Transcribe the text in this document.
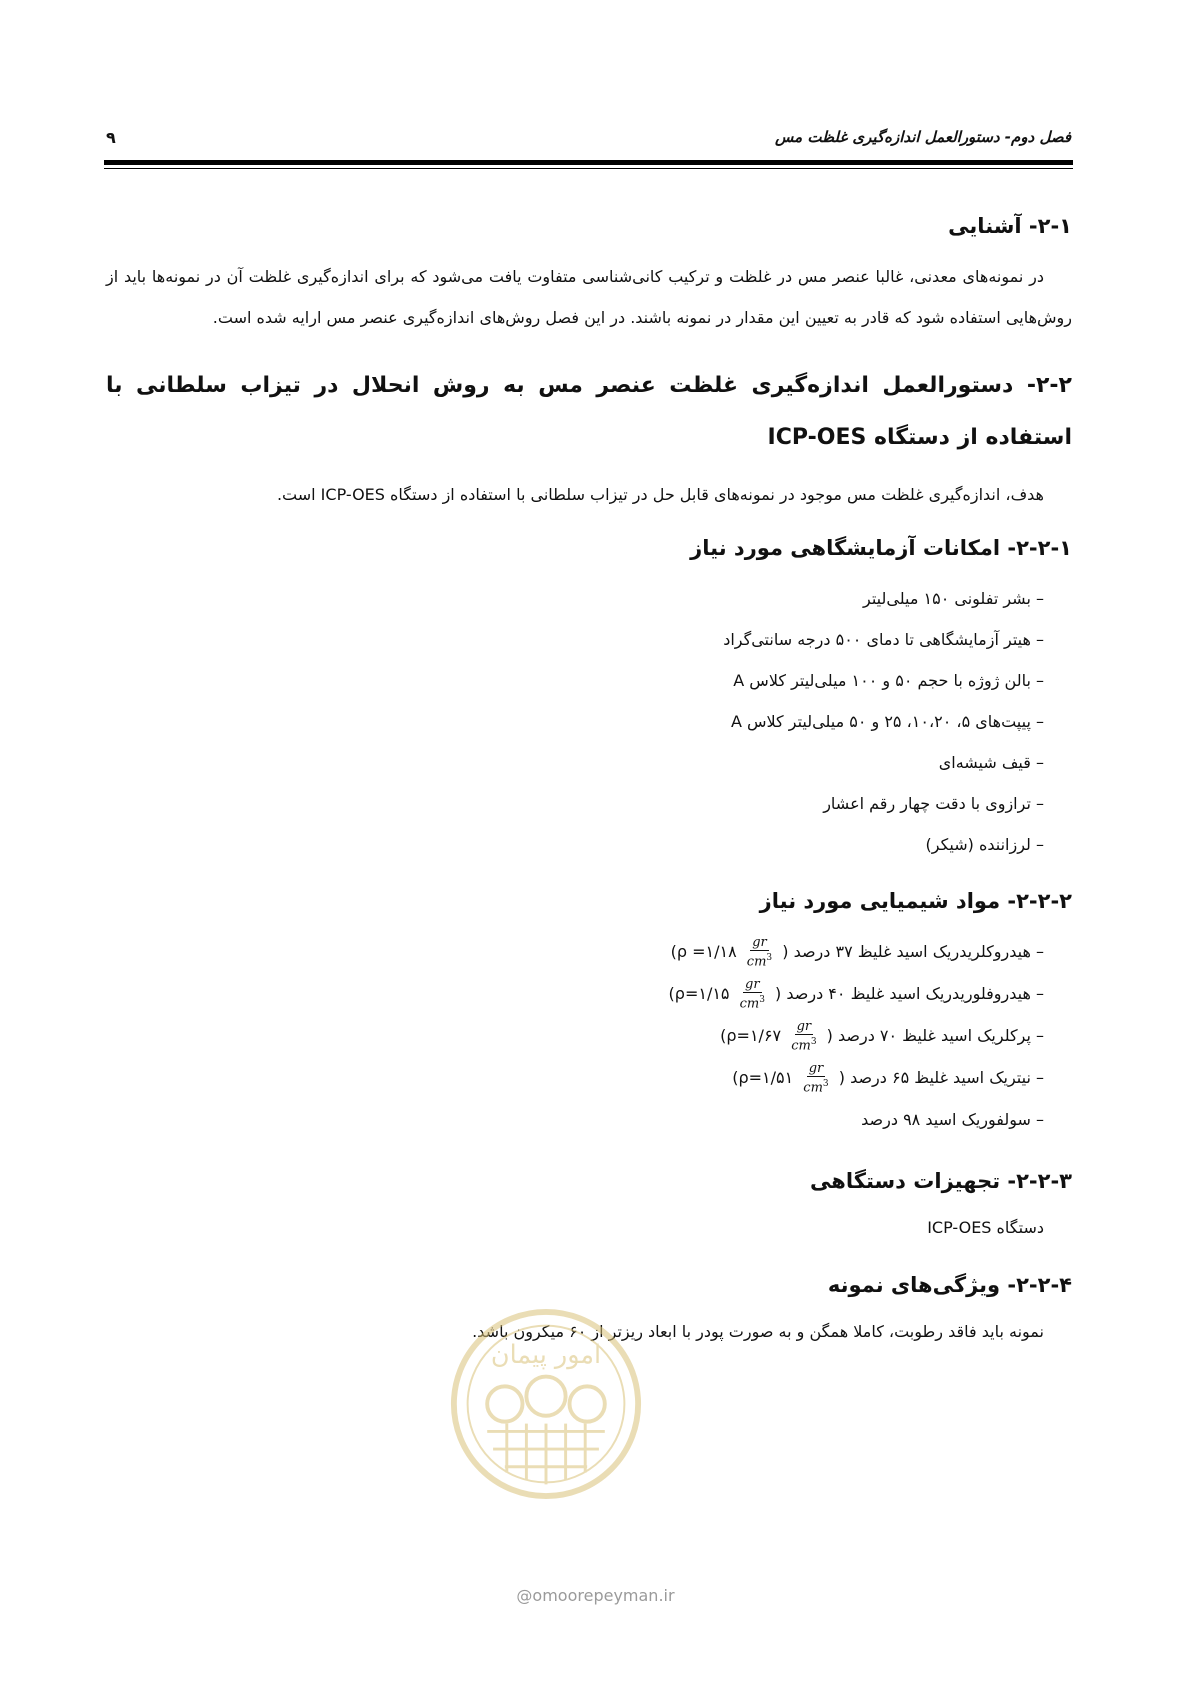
فصل دوم- دستورالعمل اندازه‌گیری غلظت مس
۹
۲-۱- آشنایی

در نمونه‌های معدنی، غالبا عنصر مس در غلظت و ترکیب کانی‌شناسی متفاوت یافت می‌شود که برای اندازه‌گیری غلظت آن در نمونه‌ها باید از روش‌هایی استفاده شود که قادر به تعیین این مقدار در نمونه باشند. در این فصل روش‌های اندازه‌گیری عنصر مس ارایه شده است.

۲-۲- دستورالعمل اندازه‌گیری غلظت عنصر مس به روش انحلال در تیزاب سلطانی با استفاده از دستگاه ICP-OES

هدف، اندازه‌گیری غلظت مس موجود در نمونه‌های قابل حل در تیزاب سلطانی با استفاده از دستگاه ICP-OES است.

۲-۲-۱- امکانات آزمایشگاهی مورد نیاز
– بشر تفلونی ۱۵۰ میلی‌لیتر
– هیتر آزمایشگاهی تا دمای ۵۰۰ درجه سانتی‌گراد
– بالن ژوژه با حجم ۵۰ و ۱۰۰ میلی‌لیتر کلاس A
– پیپت‌های ۵، ۱۰،۲۰، ۲۵ و ۵۰ میلی‌لیتر کلاس A
– قیف شیشه‌ای
– ترازوی با دقت چهار رقم اعشار
– لرزاننده (شیکر)
۲-۲-۲- مواد شیمیایی مورد نیاز
– هیدروکلریدریک اسید غلیظ ۳۷ درصد (
$\frac{gr}{cm^3}$
ρ =۱/۱۸)
– هیدروفلوریدریک اسید غلیظ ۴۰ درصد (
$\frac{gr}{cm^3}$
ρ=۱/۱۵)
– پرکلریک اسید غلیظ ۷۰ درصد (
$\frac{gr}{cm^3}$
ρ=۱/۶۷)
– نیتریک اسید غلیظ ۶۵ درصد (
$\frac{gr}{cm^3}$
ρ=۱/۵۱)
– سولفوریک اسید ۹۸ درصد
۲-۲-۳- تجهیزات دستگاهی

دستگاه ICP-OES

۲-۲-۴- ویژگی‌های نمونه

نمونه باید فاقد رطوبت، کاملا همگن و به صورت پودر با ابعاد ریزتر از ۶۰ میکرون باشد.

امور پیمان
@omoorepeyman.ir
